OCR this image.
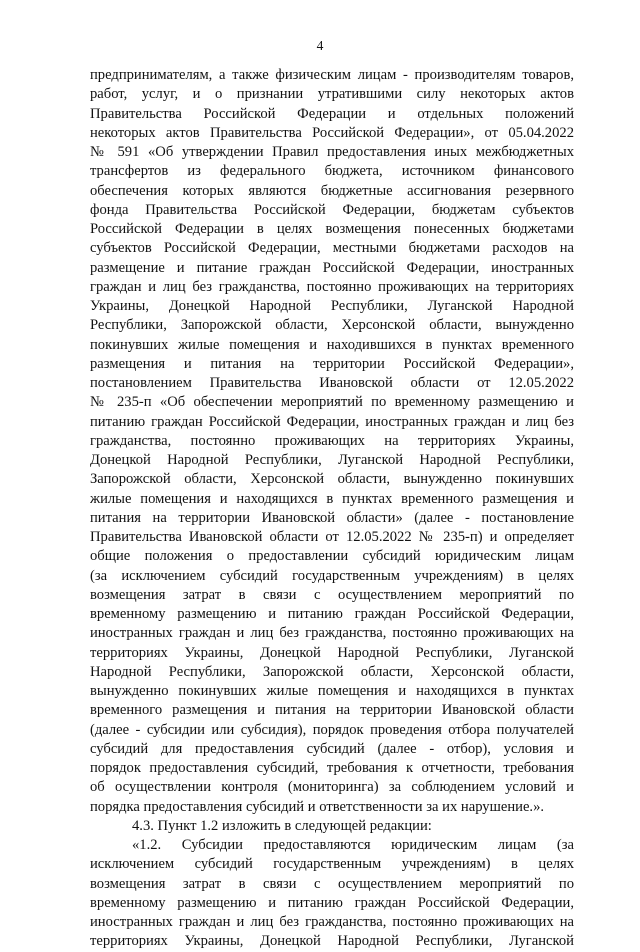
4
предпринимателям, а также физическим лицам - производителям товаров,
работ, услуг, и о признании утратившими силу некоторых актов
Правительства Российской Федерации и отдельных положений
некоторых актов Правительства Российской Федерации», от 05.04.2022
№ 591 «Об утверждении Правил предоставления иных межбюджетных
трансфертов из федерального бюджета, источником финансового
обеспечения которых являются бюджетные ассигнования резервного
фонда Правительства Российской Федерации, бюджетам субъектов
Российской Федерации в целях возмещения понесенных бюджетами
субъектов Российской Федерации, местными бюджетами расходов на
размещение и питание граждан Российской Федерации, иностранных
граждан и лиц без гражданства, постоянно проживающих на территориях
Украины, Донецкой Народной Республики, Луганской Народной
Республики, Запорожской области, Херсонской области, вынужденно
покинувших жилые помещения и находившихся в пунктах временного
размещения и питания на территории Российской Федерации»,
постановлением Правительства Ивановской области от 12.05.2022
№ 235-п «Об обеспечении мероприятий по временному размещению и
питанию граждан Российской Федерации, иностранных граждан и лиц без
гражданства, постоянно проживающих на территориях Украины,
Донецкой Народной Республики, Луганской Народной Республики,
Запорожской области, Херсонской области, вынужденно покинувших
жилые помещения и находящихся в пунктах временного размещения и
питания на территории Ивановской области» (далее - постановление
Правительства Ивановской области от 12.05.2022 № 235-п) и определяет
общие положения о предоставлении субсидий юридическим лицам
(за исключением субсидий государственным учреждениям) в целях
возмещения затрат в связи с осуществлением мероприятий по
временному размещению и питанию граждан Российской Федерации,
иностранных граждан и лиц без гражданства, постоянно проживающих на
территориях Украины, Донецкой Народной Республики, Луганской
Народной Республики, Запорожской области, Херсонской области,
вынужденно покинувших жилые помещения и находящихся в пунктах
временного размещения и питания на территории Ивановской области
(далее - субсидии или субсидия), порядок проведения отбора получателей
субсидий для предоставления субсидий (далее - отбор), условия и
порядок предоставления субсидий, требования к отчетности, требования
об осуществлении контроля (мониторинга) за соблюдением условий и
порядка предоставления субсидий и ответственности за их нарушение.».
4.3. Пункт 1.2 изложить в следующей редакции:
«1.2. Субсидии предоставляются юридическим лицам (за
исключением субсидий государственным учреждениям) в целях
возмещения затрат в связи с осуществлением мероприятий по
временному размещению и питанию граждан Российской Федерации,
иностранных граждан и лиц без гражданства, постоянно проживающих на
территориях Украины, Донецкой Народной Республики, Луганской
